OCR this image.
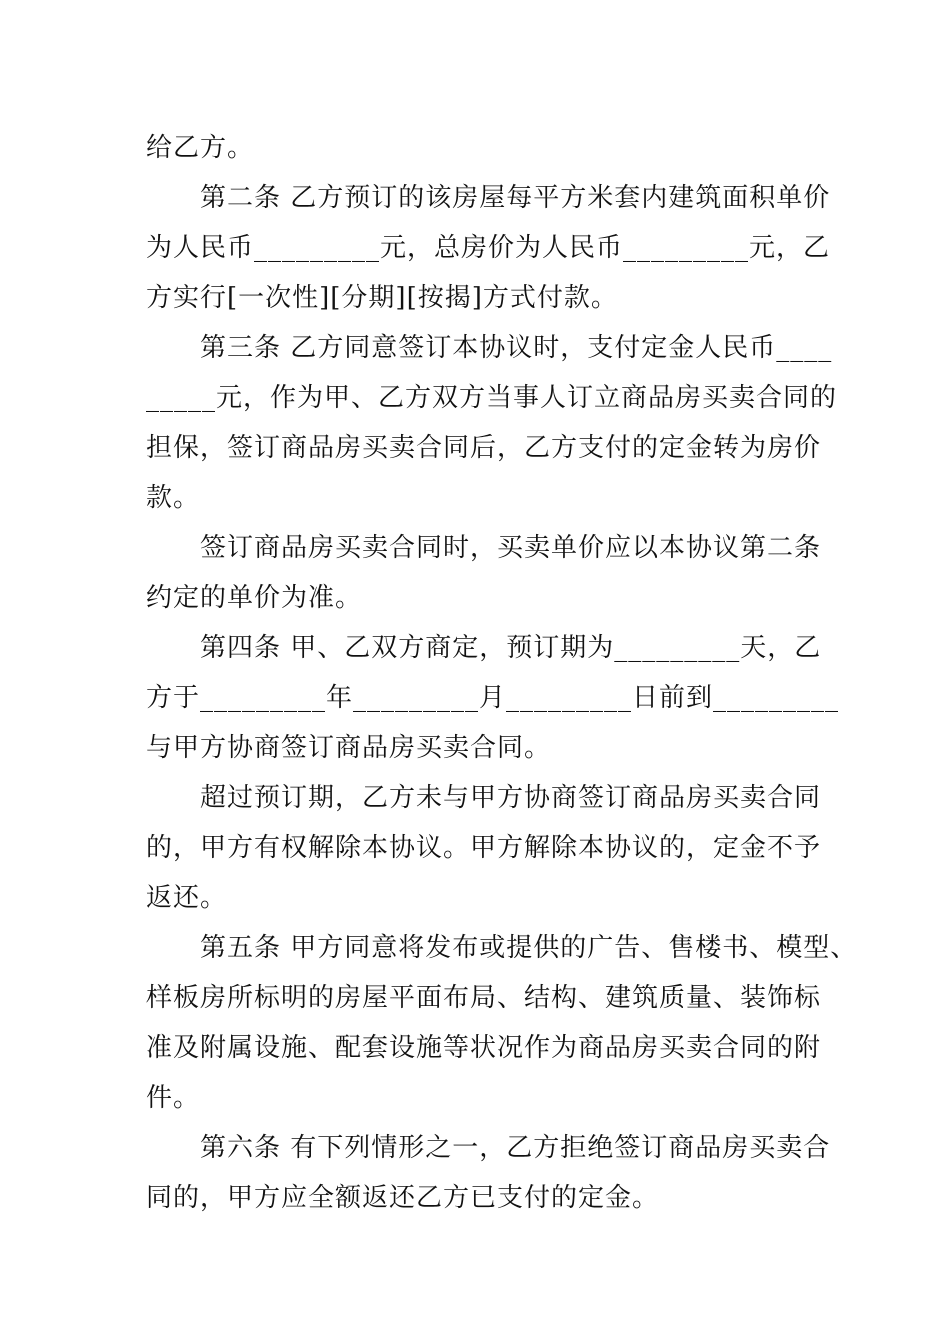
给乙方。
第二条 乙方预订的该房屋每平方米套内建筑面积单价
为人民币_________元，总房价为人民币_________元，乙
方实行[一次性][分期][按揭]方式付款。
第三条 乙方同意签订本协议时，支付定金人民币____
_____元，作为甲、乙方双方当事人订立商品房买卖合同的
担保，签订商品房买卖合同后，乙方支付的定金转为房价
款。
签订商品房买卖合同时，买卖单价应以本协议第二条
约定的单价为准。
第四条 甲、乙双方商定，预订期为_________天，乙
方于_________年_________月_________日前到_________
与甲方协商签订商品房买卖合同。
超过预订期，乙方未与甲方协商签订商品房买卖合同
的，甲方有权解除本协议。甲方解除本协议的，定金不予
返还。
第五条 甲方同意将发布或提供的广告、售楼书、模型、
样板房所标明的房屋平面布局、结构、建筑质量、装饰标
准及附属设施、配套设施等状况作为商品房买卖合同的附
件。
第六条 有下列情形之一，乙方拒绝签订商品房买卖合
同的，甲方应全额返还乙方已支付的定金。
